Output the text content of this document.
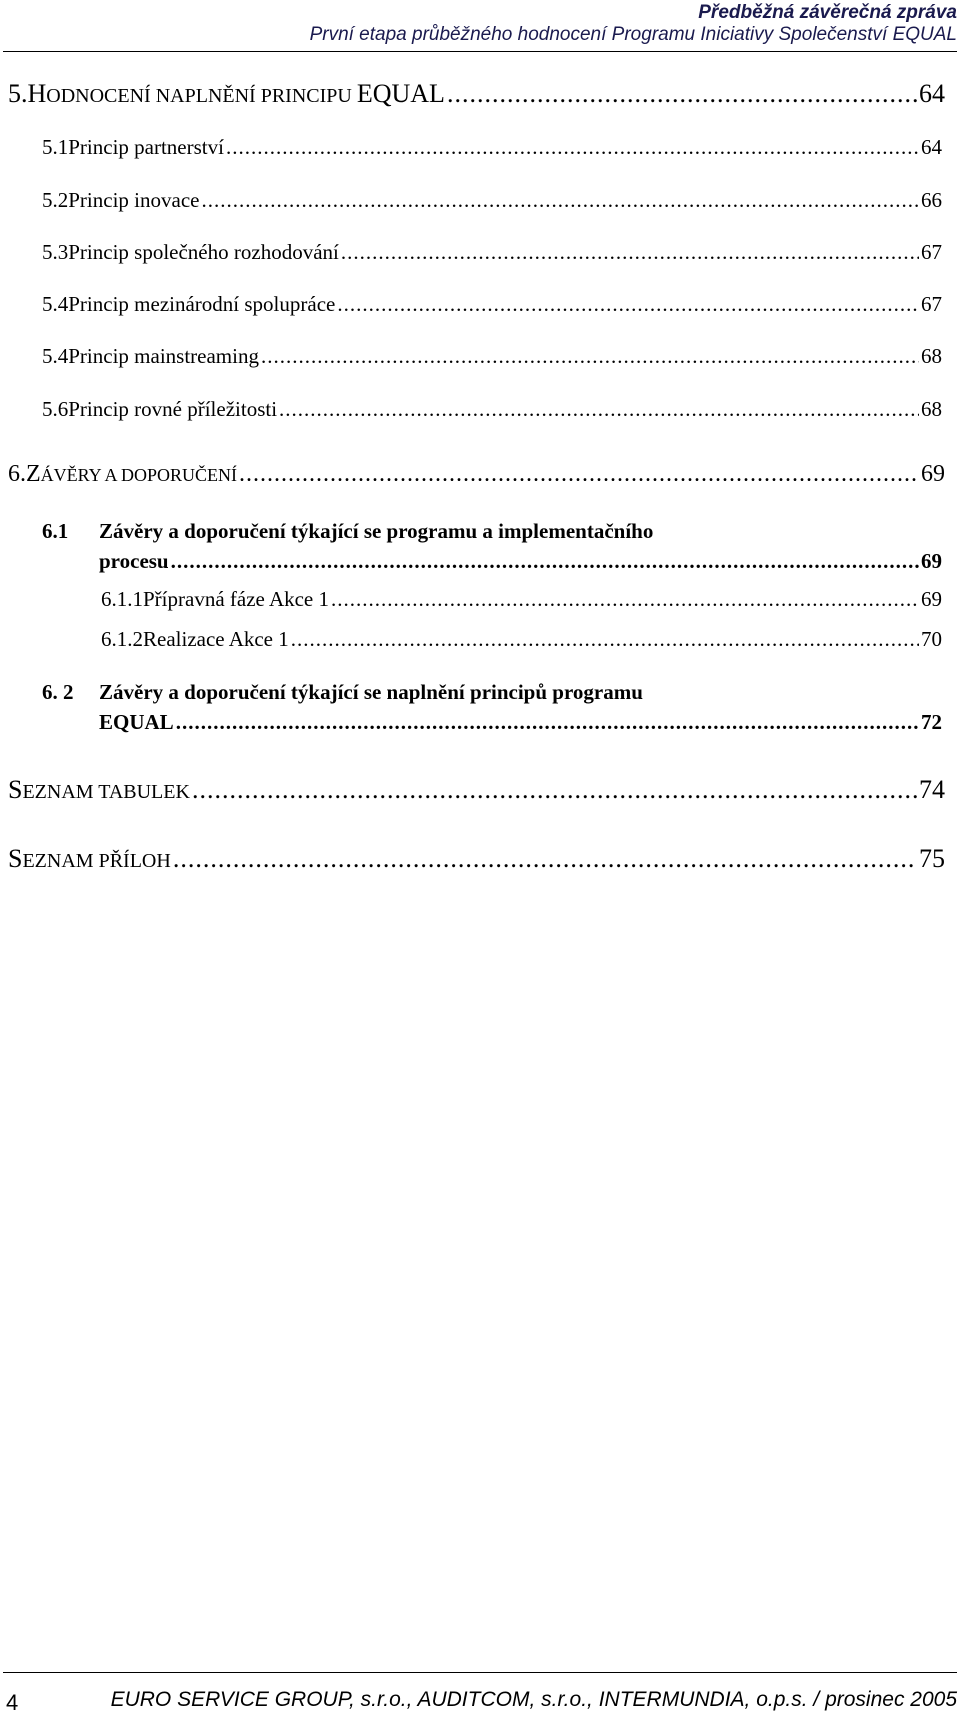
Předběžná závěrečná zpráva
První etapa průběžného hodnocení Programu Iniciativy Společenství EQUAL
5. HODNOCENÍ NAPLNĚNÍ PRINCIPU EQUAL .....	64
5.1 Princip partnerství .....	64
5.2 Princip inovace .....	66
5.3 Princip společného rozhodování .....	67
5.4 Princip mezinárodní spolupráce .....	67
5.4 Princip mainstreaming .....	68
5.6 Princip rovné příležitosti .....	68
6. ZÁVĚRY A DOPORUČENÍ .....	69
6.1 Závěry a doporučení týkající se programu a implementačního
procesu .....	69
6.1.1 Přípravná fáze Akce 1 .....	69
6.1.2 Realizace Akce 1 .....	70
6. 2 Závěry a doporučení týkající se naplnění principů programu
EQUAL .....	72
SEZNAM TABULEK .....	74
SEZNAM PŘÍLOH .....	75
4	EURO SERVICE GROUP, s.r.o., AUDITCOM, s.r.o., INTERMUNDIA, o.p.s. / prosinec 2005
